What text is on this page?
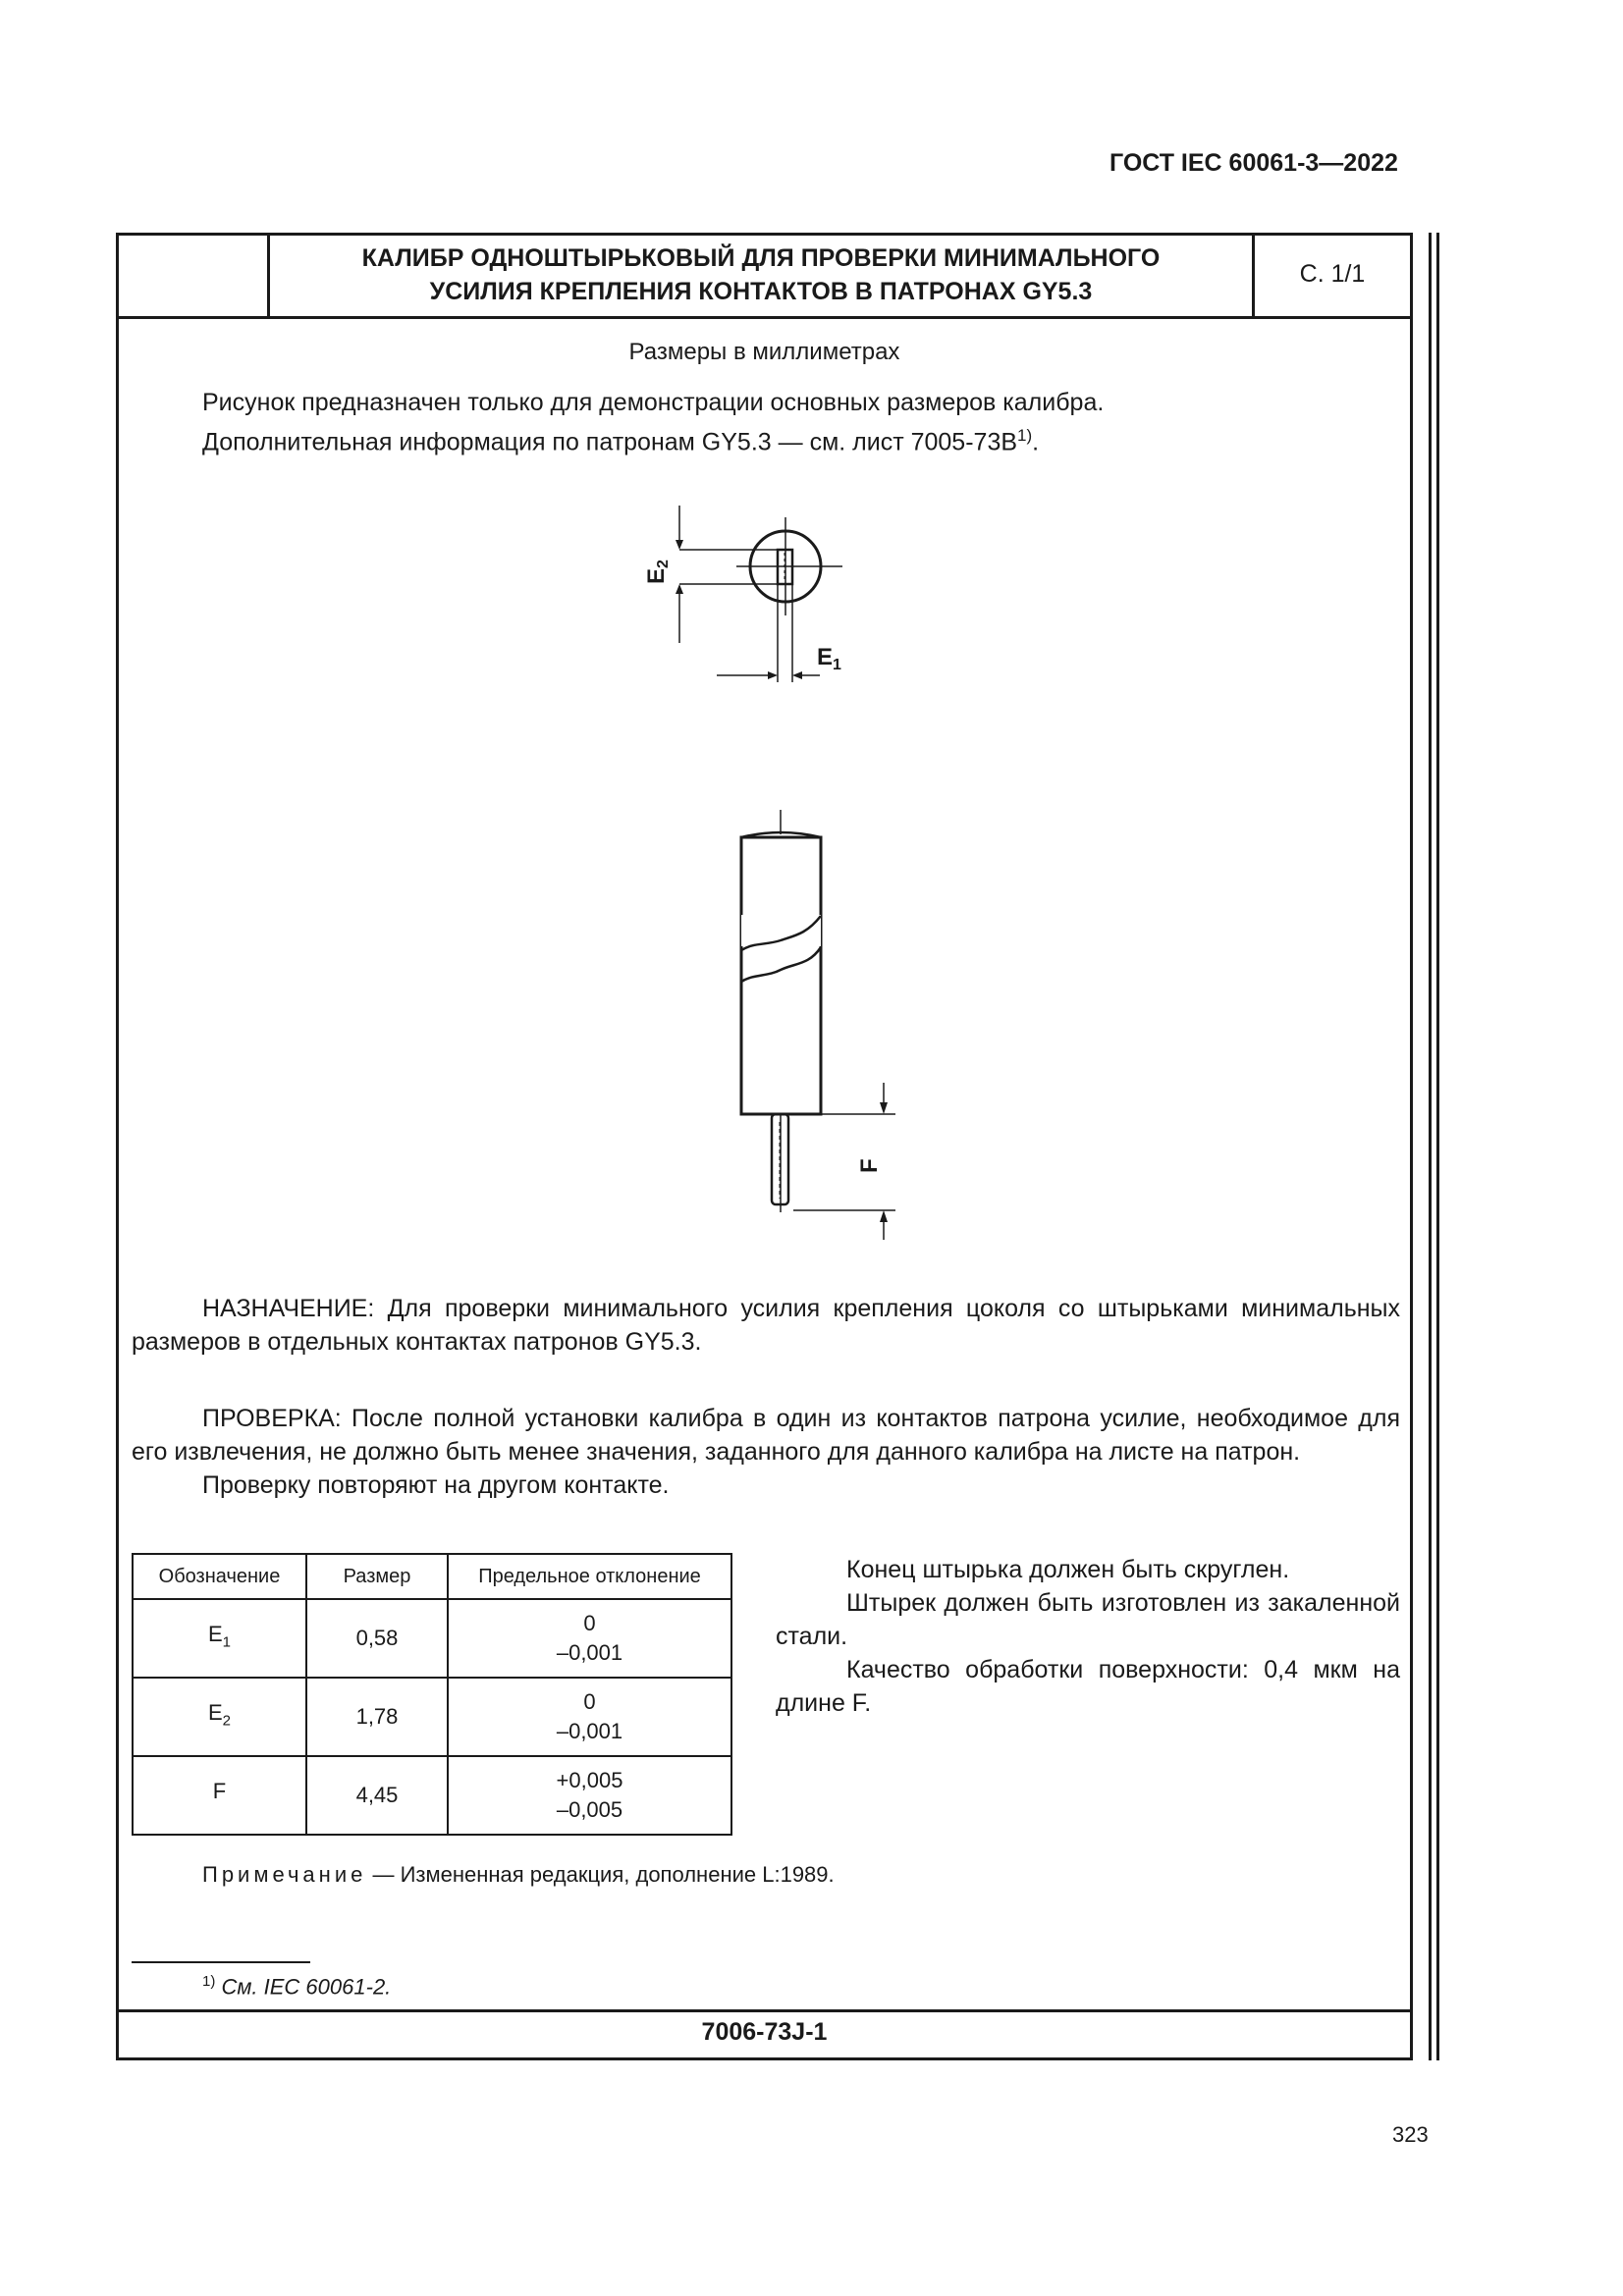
ГОСТ IEC 60061-3—2022
КАЛИБР ОДНОШТЫРЬКОВЫЙ ДЛЯ ПРОВЕРКИ МИНИМАЛЬНОГО
УСИЛИЯ КРЕПЛЕНИЯ КОНТАКТОВ В ПАТРОНАХ GY5.3
С. 1/1
Размеры в миллиметрах
Рисунок предназначен только для демонстрации основных размеров калибра.
Дополнительная информация по патронам GY5.3 — см. лист $7005-73B^{1)}$.
E2
$E_1$
F
НАЗНАЧЕНИЕ: Для проверки минимального усилия крепления цоколя со штырьками минимальных размеров в отдельных контактах патронов GY5.3.
ПРОВЕРКА: После полной установки калибра в один из контактов патрона усилие, необходимое для его извлечения, не должно быть менее значения, заданного для данного калибра на листе на патрон.
Проверку повторяют на другом контакте.
Обозначение	Размер	Предельное отклонение
$E_1$	0,58	0
–0,001

$E_2$	1,78	0
–0,001

F	4,45	+0,005
–0,005
Конец штырька должен быть скруглен.
Штырек должен быть изготовлен из закаленной стали.
Качество обработки поверхности: 0,4 мкм на длине F.
Примечание — Измененная редакция, дополнение L:1989.
$^{1)}$ См. IEC 60061-2.
7006-73J-1
323
